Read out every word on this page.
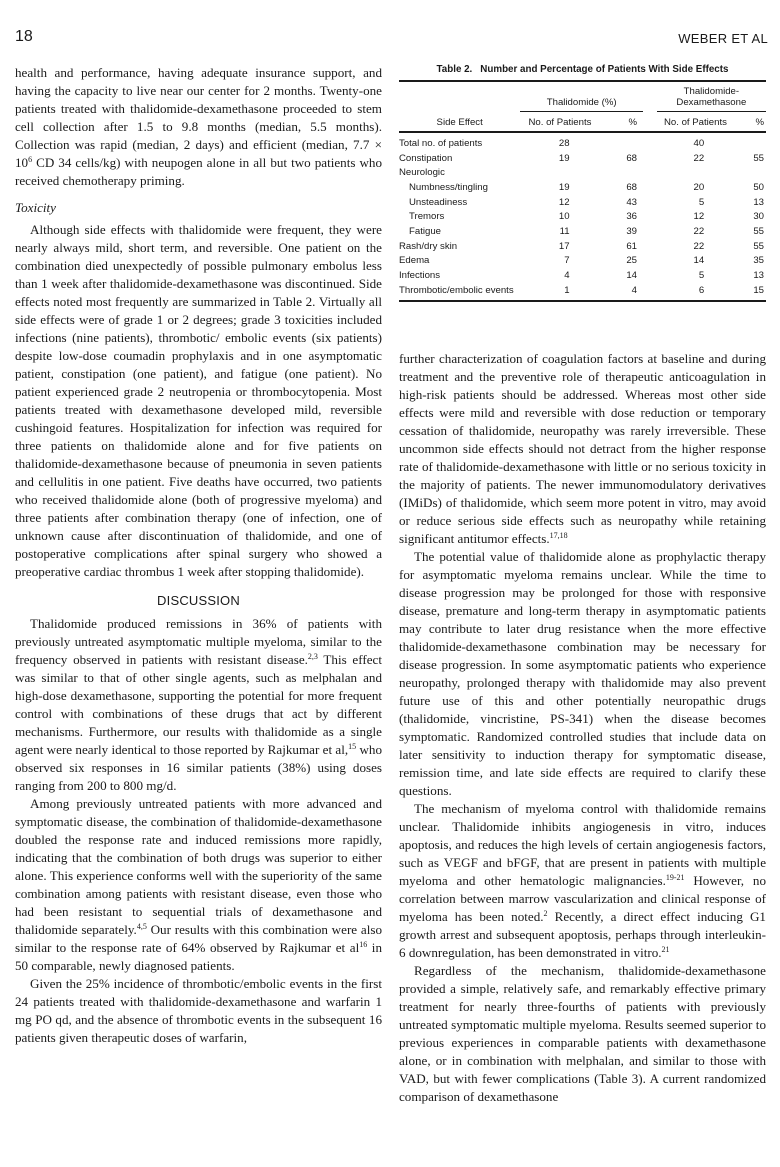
18	WEBER ET AL

health and performance, having adequate insurance support, and having the capacity to live near our center for 2 months. Twenty-one patients treated with thalidomide-dexamethasone proceeded to stem cell collection after 1.5 to 9.8 months (median, 5.5 months). Collection was rapid (median, 2 days) and efficient (median, $7.7 \times 10^6$ CD 34 cells/kg) with neupogen alone in all but two patients who received chemotherapy priming.

Toxicity

Although side effects with thalidomide were frequent, they were nearly always mild, short term, and reversible. One patient on the combination died unexpectedly of possible pulmonary embolus less than 1 week after thalidomide-dexamethasone was discontinued. Side effects noted most frequently are summarized in Table 2. Virtually all side effects were of grade 1 or 2 degrees; grade 3 toxicities included infections (nine patients), thrombotic/ embolic events (six patients) despite low-dose coumadin prophylaxis and in one asymptomatic patient, constipation (one patient), and fatigue (one patient). No patient experienced grade 2 neutropenia or thrombocytopenia. Most patients treated with dexamethasone developed mild, reversible cushingoid features. Hospitalization for infection was required for three patients on thalidomide alone and for five patients on thalidomide-dexamethasone because of pneumonia in seven patients and cellulitis in one patient. Five deaths have occurred, two patients who received thalidomide alone (both of progressive myeloma) and three patients after combination therapy (one of infection, one of unknown cause after discontinuation of thalidomide, and one of postoperative complications after spinal surgery who showed a preoperative cardiac thrombus 1 week after stopping thalidomide).

DISCUSSION

Thalidomide produced remissions in 36% of patients with previously untreated asymptomatic multiple myeloma, similar to the frequency observed in patients with resistant disease.$^{2,3}$ This effect was similar to that of other single agents, such as melphalan and high-dose dexamethasone, supporting the potential for more frequent control with combinations of these drugs that act by different mechanisms. Furthermore, our results with thalidomide as a single agent were nearly identical to those reported by Rajkumar et al,$^{15}$ who observed six responses in 16 similar patients (38%) using doses ranging from 200 to 800 mg/d.

Among previously untreated patients with more advanced and symptomatic disease, the combination of thalidomide-dexamethasone doubled the response rate and induced remissions more rapidly, indicating that the combination of both drugs was superior to either alone. This experience conforms well with the superiority of the same combination among patients with resistant disease, even those who had been resistant to sequential trials of dexamethasone and thalidomide separately.$^{4,5}$ Our results with this combination were also similar to the response rate of 64% observed by Rajkumar et $al^{16}$ in 50 comparable, newly diagnosed patients.

Given the 25% incidence of thrombotic/embolic events in the first 24 patients treated with thalidomide-dexamethasone and warfarin 1 mg PO qd, and the absence of thrombotic events in the subsequent 16 patients given therapeutic doses of warfarin,

Table 2. Number and Percentage of Patients With Side Effects

	Thalidomide (%)			Thalidomide-
Dexamethasone	

Side Effect	No. of Patients	%		No. of Patients	%
Total no. of patients	28			40	
Constipation	19	68		22	55
Neurologic					
Numbness/tingling	19	68		20	50
Unsteadiness	12	43		5	13
Tremors	10	36		12	30
Fatigue	11	39		22	55
Rash/dry skin	17	61		22	55
Edema	7	25		14	35
Infections	4	14		5	13
Thrombotic/embolic events	1	4		6	15

further characterization of coagulation factors at baseline and during treatment and the preventive role of therapeutic anticoagulation in high-risk patients should be addressed. Whereas most other side effects were mild and reversible with dose reduction or temporary cessation of thalidomide, neuropathy was rarely irreversible. These uncommon side effects should not detract from the higher response rate of thalidomide-dexamethasone with little or no serious toxicity in the majority of patients. The newer immunomodulatory derivatives (IMiDs) of thalidomide, which seem more potent in vitro, may avoid or reduce serious side effects such as neuropathy while retaining significant antitumor effects.$^{17,18}$

The potential value of thalidomide alone as prophylactic therapy for asymptomatic myeloma remains unclear. While the time to disease progression may be prolonged for those with responsive disease, premature and long-term therapy in asymptomatic patients may contribute to later drug resistance when the more effective thalidomide-dexamethasone combination may be necessary for disease progression. In some asymptomatic patients who experience neuropathy, prolonged therapy with thalidomide may also prevent future use of this and other potentially neuropathic drugs (thalidomide, vincristine, PS-341) when the disease becomes symptomatic. Randomized controlled studies that include data on later sensitivity to induction therapy for symptomatic disease, remission time, and late side effects are required to clarify these questions.

The mechanism of myeloma control with thalidomide remains unclear. Thalidomide inhibits angiogenesis in vitro, induces apoptosis, and reduces the high levels of certain angiogenesis factors, such as VEGF and bFGF, that are present in patients with multiple myeloma and other hematologic malignancies.$^{19-21}$ However, no correlation between marrow vascularization and clinical response of myeloma has been noted.$^2$ Recently, a direct effect inducing G1 growth arrest and subsequent apoptosis, perhaps through interleukin-6 downregulation, has been demonstrated in vitro.$^{21}$

Regardless of the mechanism, thalidomide-dexamethasone provided a simple, relatively safe, and remarkably effective primary treatment for nearly three-fourths of patients with previously untreated symptomatic multiple myeloma. Results seemed superior to previous experiences in comparable patients with dexamethasone alone, or in combination with melphalan, and similar to those with VAD, but with fewer complications (Table 3). A current randomized comparison of dexamethasone
